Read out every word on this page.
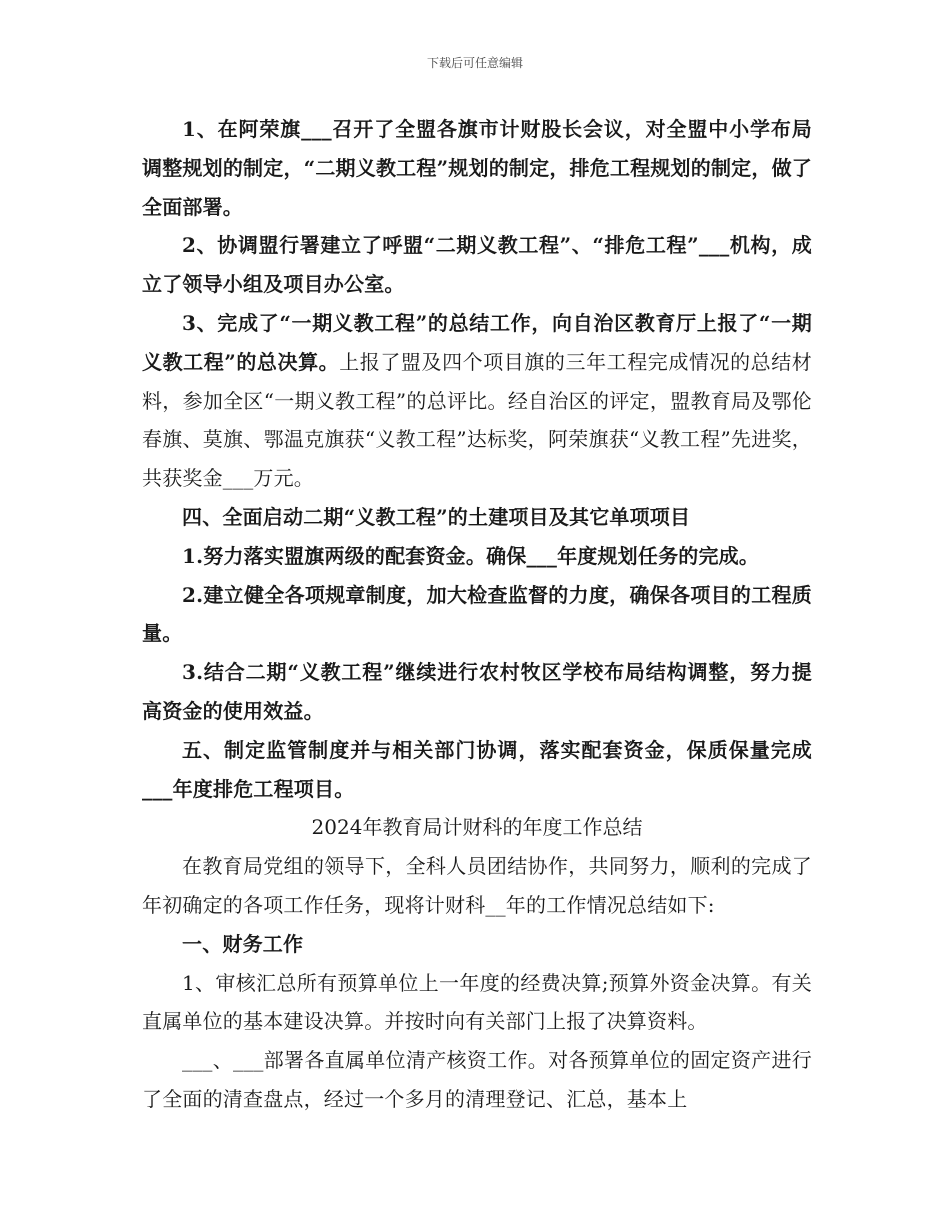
下载后可任意编辑

1、在阿荣旗___召开了全盟各旗市计财股长会议，对全盟中小学布局调整规划的制定，“二期义教工程”规划的制定，排危工程规划的制定，做了全面部署。

2、协调盟行署建立了呼盟“二期义教工程”、“排危工程”___机构，成立了领导小组及项目办公室。

3、完成了“一期义教工程”的总结工作，向自治区教育厅上报了“一期义教工程”的总决算。上报了盟及四个项目旗的三年工程完成情况的总结材料，参加全区“一期义教工程”的总评比。经自治区的评定，盟教育局及鄂伦春旗、莫旗、鄂温克旗获“义教工程”达标奖，阿荣旗获“义教工程”先进奖，共获奖金___万元。

四、全面启动二期“义教工程”的土建项目及其它单项项目

1.努力落实盟旗两级的配套资金。确保___年度规划任务的完成。

2.建立健全各项规章制度，加大检查监督的力度，确保各项目的工程质量。

3.结合二期“义教工程”继续进行农村牧区学校布局结构调整，努力提高资金的使用效益。

五、制定监管制度并与相关部门协调，落实配套资金，保质保量完成___年度排危工程项目。

2024年教育局计财科的年度工作总结

在教育局党组的领导下，全科人员团结协作，共同努力，顺利的完成了年初确定的各项工作任务，现将计财科__年的工作情况总结如下:

一、财务工作

1、审核汇总所有预算单位上一年度的经费决算;预算外资金决算。有关直属单位的基本建设决算。并按时向有关部门上报了决算资料。

___、___部署各直属单位清产核资工作。对各预算单位的固定资产进行了全面的清查盘点，经过一个多月的清理登记、汇总，基本上
